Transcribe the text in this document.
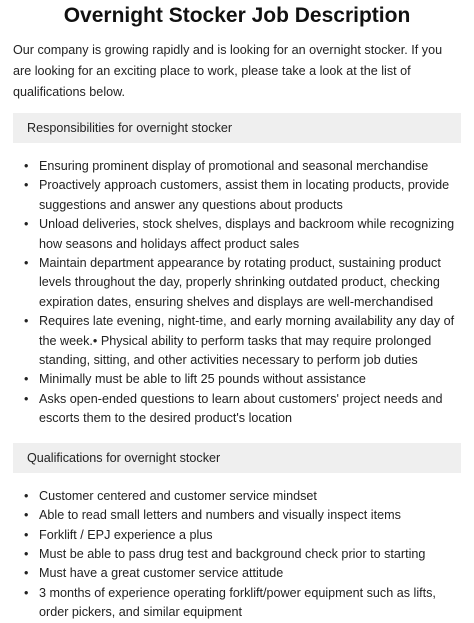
Overnight Stocker Job Description

Our company is growing rapidly and is looking for an overnight stocker. If you are looking for an exciting place to work, please take a look at the list of qualifications below.

Responsibilities for overnight stocker
• Ensuring prominent display of promotional and seasonal merchandise
• Proactively approach customers, assist them in locating products, provide suggestions and answer any questions about products
• Unload deliveries, stock shelves, displays and backroom while recognizing how seasons and holidays affect product sales
• Maintain department appearance by rotating product, sustaining product levels throughout the day, properly shrinking outdated product, checking expiration dates, ensuring shelves and displays are well-merchandised
• Requires late evening, night-time, and early morning availability any day of the week.• Physical ability to perform tasks that may require prolonged standing, sitting, and other activities necessary to perform job duties
• Minimally must be able to lift 25 pounds without assistance
• Asks open-ended questions to learn about customers' project needs and escorts them to the desired product's location
Qualifications for overnight stocker
• Customer centered and customer service mindset
• Able to read small letters and numbers and visually inspect items
• Forklift / EPJ experience a plus
• Must be able to pass drug test and background check prior to starting
• Must have a great customer service attitude
• 3 months of experience operating forklift/power equipment such as lifts, order pickers, and similar equipment
